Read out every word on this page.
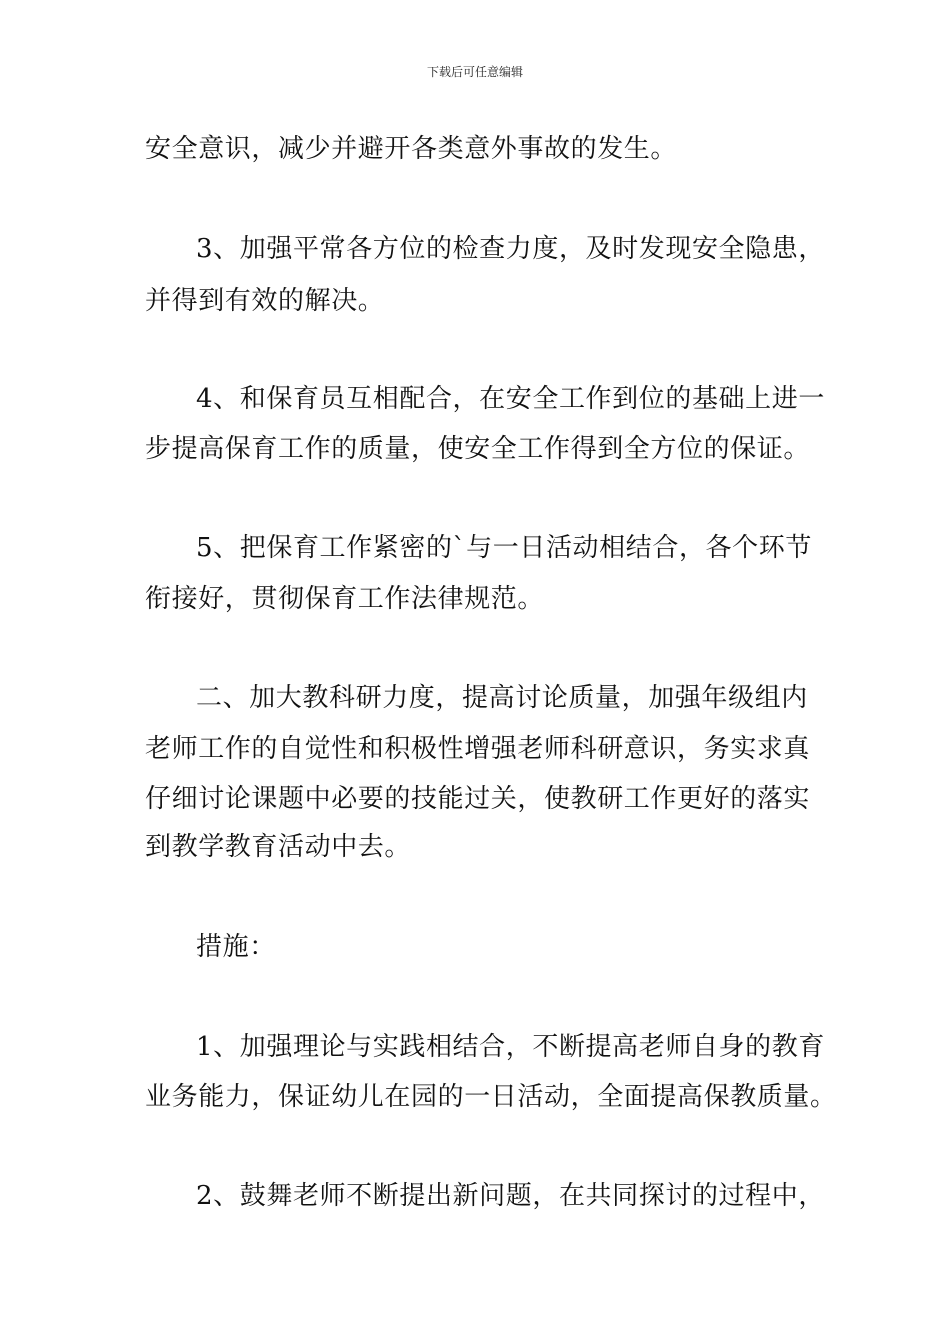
下载后可任意编辑
安全意识，减少并避开各类意外事故的发生。
3、加强平常各方位的检查力度，及时发现安全隐患，
并得到有效的解决。
4、和保育员互相配合，在安全工作到位的基础上进一
步提高保育工作的质量，使安全工作得到全方位的保证。
5、把保育工作紧密的`与一日活动相结合，各个环节
衔接好，贯彻保育工作法律规范。
二、加大教科研力度，提高讨论质量，加强年级组内
老师工作的自觉性和积极性增强老师科研意识，务实求真
仔细讨论课题中必要的技能过关，使教研工作更好的落实
到教学教育活动中去。
措施：
1、加强理论与实践相结合，不断提高老师自身的教育
业务能力，保证幼儿在园的一日活动，全面提高保教质量。
2、鼓舞老师不断提出新问题，在共同探讨的过程中，
